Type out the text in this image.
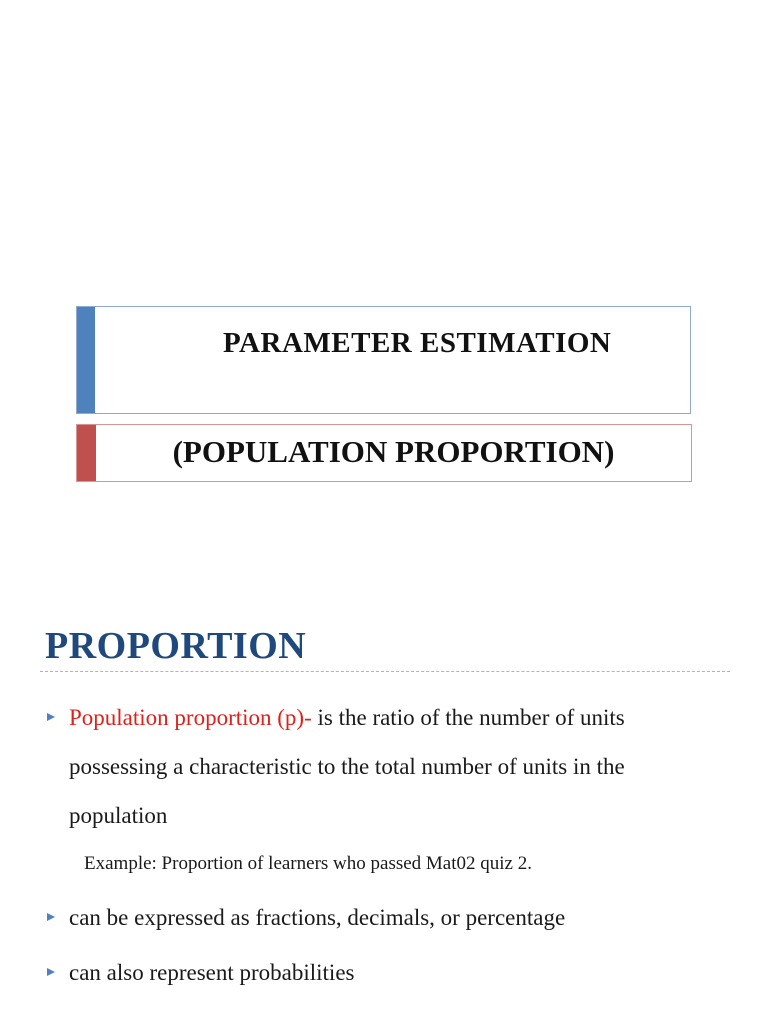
PARAMETER ESTIMATION
(POPULATION PROPORTION)
PROPORTION
Population proportion (p)- is the ratio of the number of units
possessing a characteristic to the total number of units in the
population
Example: Proportion of learners who passed Mat02 quiz 2.
can be expressed as fractions, decimals, or percentage
can also represent probabilities
